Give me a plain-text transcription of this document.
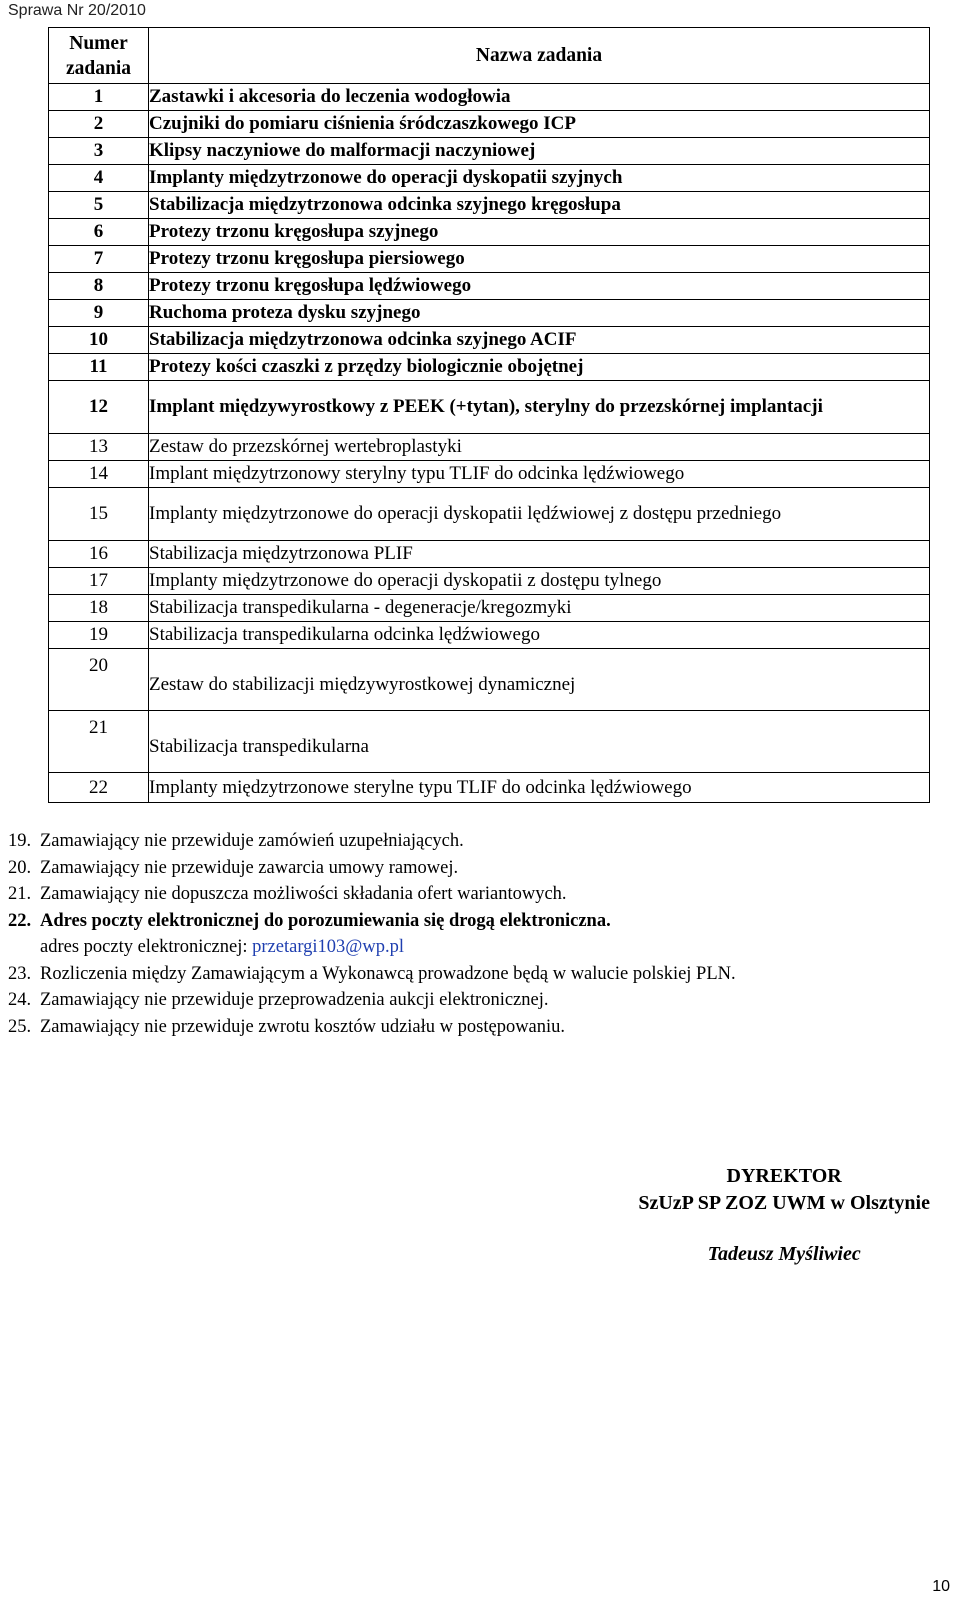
Sprawa Nr 20/2010
Numer zadania	Nazwa zadania
1	Zastawki i akcesoria do leczenia wodogłowia
2	Czujniki do pomiaru ciśnienia śródczaszkowego ICP
3	Klipsy naczyniowe do malformacji naczyniowej
4	Implanty międzytrzonowe do operacji dyskopatii szyjnych
5	Stabilizacja międzytrzonowa odcinka szyjnego kręgosłupa
6	Protezy trzonu kręgosłupa szyjnego
7	Protezy trzonu kręgosłupa piersiowego
8	Protezy trzonu kręgosłupa lędźwiowego
9	Ruchoma proteza dysku szyjnego
10	Stabilizacja międzytrzonowa odcinka szyjnego ACIF
11	Protezy kości czaszki z przędzy biologicznie obojętnej
12	Implant międzywyrostkowy z PEEK (+tytan), sterylny do przezskórnej implantacji
13	Zestaw do przezskórnej wertebroplastyki
14	Implant międzytrzonowy sterylny typu TLIF do odcinka lędźwiowego
15	Implanty międzytrzonowe do operacji dyskopatii lędźwiowej z dostępu przedniego
16	Stabilizacja międzytrzonowa PLIF
17	Implanty międzytrzonowe do operacji dyskopatii z dostępu tylnego
18	Stabilizacja transpedikularna - degeneracje/kregozmyki
19	Stabilizacja transpedikularna odcinka lędźwiowego
20	Zestaw do stabilizacji międzywyrostkowej dynamicznej
21	Stabilizacja transpedikularna
22	Implanty międzytrzonowe sterylne typu TLIF do odcinka lędźwiowego
19. Zamawiający nie przewiduje zamówień uzupełniających.
20. Zamawiający nie przewiduje zawarcia umowy ramowej.
21. Zamawiający nie dopuszcza możliwości składania ofert wariantowych.
22. Adres poczty elektronicznej do porozumiewania się drogą elektroniczna.
adres poczty elektronicznej: przetargi103@wp.pl
23. Rozliczenia między Zamawiającym a Wykonawcą prowadzone będą w walucie polskiej PLN.
24. Zamawiający nie przewiduje przeprowadzenia aukcji elektronicznej.
25. Zamawiający nie przewiduje zwrotu kosztów udziału w postępowaniu.
DYREKTOR
SzUzP SP ZOZ UWM w Olsztynie
Tadeusz Myśliwiec
10
